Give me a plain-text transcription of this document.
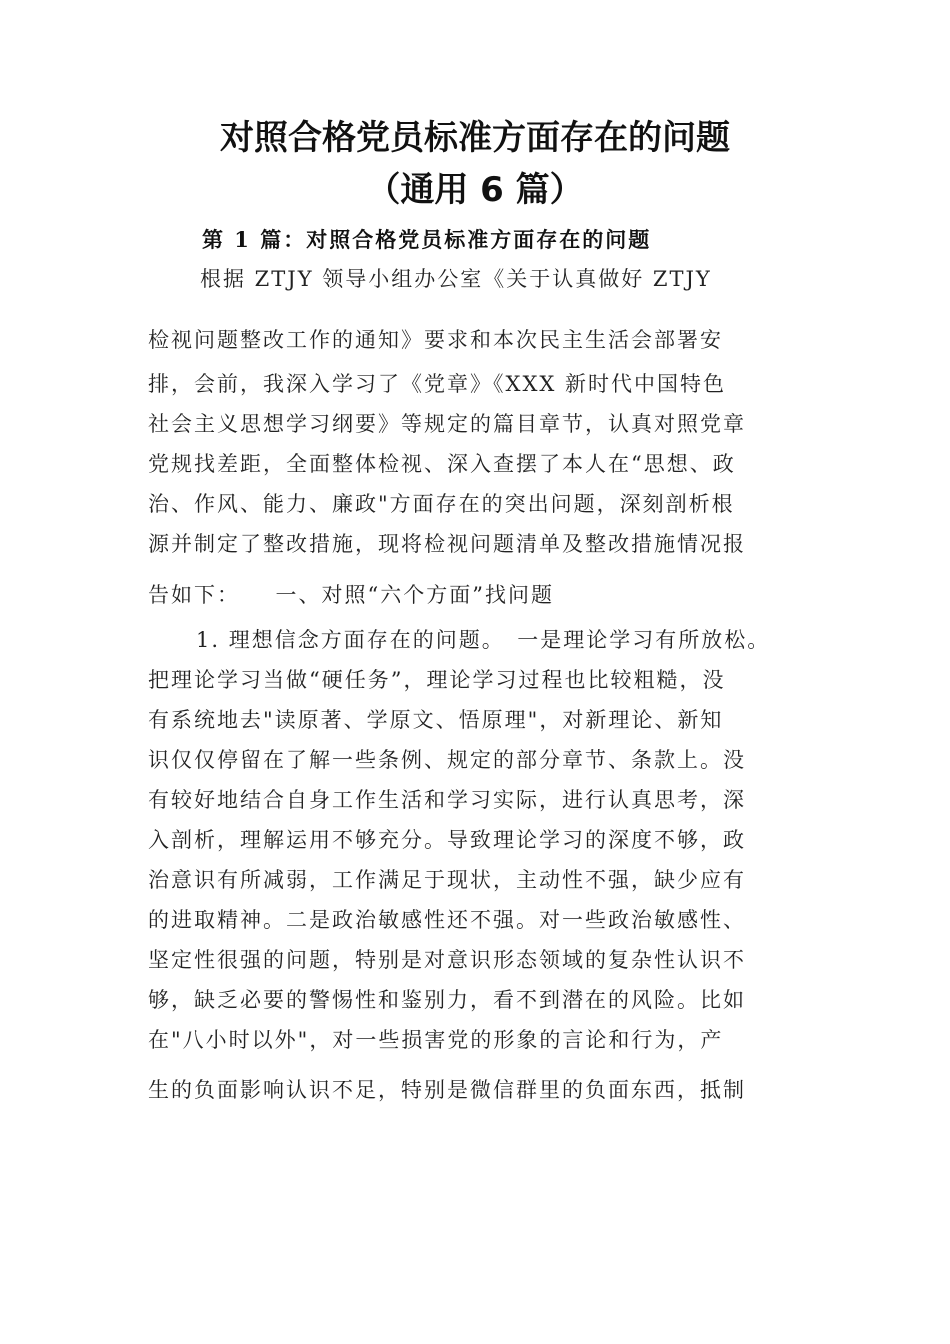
对照合格党员标准方面存在的问题
（通用 6 篇）
第 1 篇：对照合格党员标准方面存在的问题
根据 ZTJY 领导小组办公室《关于认真做好 ZTJY
检视问题整改工作的通知》要求和本次民主生活会部署安
排，会前，我深入学习了《党章》《XXX 新时代中国特色
社会主义思想学习纲要》等规定的篇目章节，认真对照党章
党规找差距，全面整体检视、深入查摆了本人在“思想、政
治、作风、能力、廉政"方面存在的突出问题，深刻剖析根
源并制定了整改措施，现将检视问题清单及整改措施情况报
告如下：　　一、对照“六个方面”找问题
1. 理想信念方面存在的问题。　一是理论学习有所放松。
把理论学习当做“硬任务”，理论学习过程也比较粗糙，没
有系统地去"读原著、学原文、悟原理"，对新理论、新知
识仅仅停留在了解一些条例、规定的部分章节、条款上。没
有较好地结合自身工作生活和学习实际，进行认真思考，深
入剖析，理解运用不够充分。导致理论学习的深度不够，政
治意识有所减弱，工作满足于现状，主动性不强，缺少应有
的进取精神。二是政治敏感性还不强。对一些政治敏感性、
坚定性很强的问题，特别是对意识形态领域的复杂性认识不
够，缺乏必要的警惕性和鉴别力，看不到潜在的风险。比如
在"八小时以外"，对一些损害党的形象的言论和行为，产
生的负面影响认识不足，特别是微信群里的负面东西，抵制
